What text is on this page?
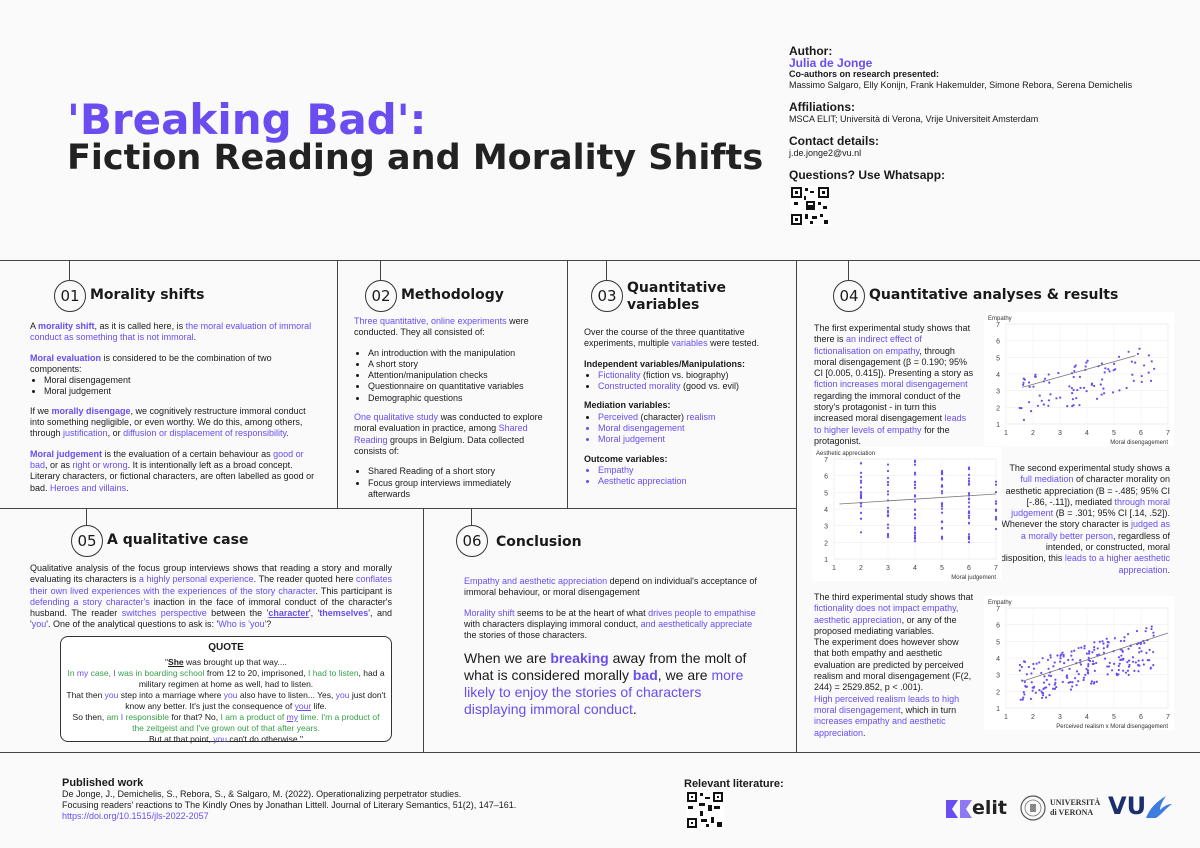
'Breaking Bad':
Fiction Reading and Morality Shifts
Author:
Julia de Jonge
Co-authors on research presented:
Massimo Salgaro, Elly Konijn, Frank Hakemulder, Simone Rebora, Serena Demichelis
Affiliations:
MSCA ELIT; Università di Verona, Vrije Universiteit Amsterdam
Contact details:
j.de.jonge2@vu.nl
Questions? Use Whatsapp:
01 Morality shifts	02 Methodology	03 Quantitative
variables	04 Quantitative analyses & results
05 A qualitative case	06	Conclusion

A morality shift, as it is called here, is the moral evaluation of immoral conduct as something that is not immoral.

Moral evaluation is considered to be the combination of two components:

• Moral disengagement
• Moral judgement

If we morally disengage, we cognitively restructure immoral conduct into something negligible, or even worthy. We do this, among others, through justification, or diffusion or displacement of responsibility.

Moral judgement is the evaluation of a certain behaviour as good or bad, or as right or wrong. It is intentionally left as a broad concept. Literary characters, or fictional characters, are often labelled as good or bad. Heroes and villains.

Three quantitative, online experiments were conducted. They all consisted of:

• An introduction with the manipulation
• A short story
• Attention/manipulation checks
• Questionnaire on quantitative variables
• Demographic questions

One qualitative study was conducted to explore moral evaluation in practice, among Shared Reading groups in Belgium. Data collected consists of:

• Shared Reading of a short story
• Focus group interviews immediately afterwards

Over the course of the three quantitative experiments, multiple variables were tested.

Independent variables/Manipulations:
• Fictionality (fiction vs. biography)
• Constructed morality (good vs. evil)
Mediation variables:
• Perceived (character) realism
• Moral disengagement
• Moral judgement
Outcome variables:
• Empathy
• Aesthetic appreciation
The first experimental study shows that there is an indirect effect of fictionalisation on empathy, through moral disengagement (β = 0.190; 95% CI [0.005, 0.415]). Presenting a story as fiction increases moral disengagement regarding the immoral conduct of the story's protagonist - in turn this increased moral disengagement leads to higher levels of empathy for the protagonist.
The second experimental study shows a full mediation of character morality on aesthetic appreciation (B = -.485; 95% CI [-.86, -.11]), mediated through moral judgement (B = .301; 95% CI [.14, .52]). Whenever the story character is judged as a morally better person, regardless of intended, or constructed, moral disposition, this leads to a higher aesthetic appreciation.
The third experimental study shows that fictionality does not impact empathy, aesthetic appreciation, or any of the proposed mediating variables.
The experiment does however show that both empathy and aesthetic evaluation are predicted by perceived realism and moral disengagement (F(2, 244) = 2529.852, p < .001).
High perceived realism leads to high moral disengagement, which in turn increases empathy and aesthetic appreciation.
1
2
3
4
5
6
7
1	2	3	4	5	6	7
Empathy
Moral disengagement
1
2
3
4
5
6
7
1	2	3	4	5	6	7
Aesthetic appreciation
Moral judgement
1
2
3
4
5
6
7
1	2	3	4	5	6	7
Empathy
Perceived realism x Moral disengagement
Qualitative analysis of the focus group interviews shows that reading a story and morally evaluating its characters is a highly personal experience. The reader quoted here conflates their own lived experiences with the experiences of the story character. This participant is defending a story character's inaction in the face of immoral conduct of the character's husband. The reader switches perspective between the 'character', 'themselves', and 'you'. One of the analytical questions to ask is: 'Who is 'you'?
QUOTE
"She was brought up that way....
In my case, I was in boarding school from 12 to 20, imprisoned, I had to listen, had a
military regimen at home as well, had to listen.
That then you step into a marriage where you also have to listen... Yes, you just don't
know any better. It's just the consequence of your life.
So then, am I responsible for that? No, I am a product of my time. I'm a product of
the zeitgeist and I've grown out of that after years.
But at that point, you can't do otherwise."

Empathy and aesthetic appreciation depend on individual's acceptance of immoral behaviour, or moral disengagement

Morality shift seems to be at the heart of what drives people to empathise with characters displaying immoral conduct, and aesthetically appreciate the stories of those characters.

When we are breaking away from the molt of what is considered morally bad, we are more likely to enjoy the stories of characters displaying immoral conduct.
Published work
De Jonge, J., Demichelis, S., Rebora, S., & Salgaro, M. (2022). Operationalizing perpetrator studies.
Focusing readers' reactions to The Kindly Ones by Jonathan Littell. Journal of Literary Semantics, 51(2), 147–161.
https://doi.org/10.1515/jls-2022-2057
Relevant literature:
elit	UNIVERSITÀ
di VERONA VU
